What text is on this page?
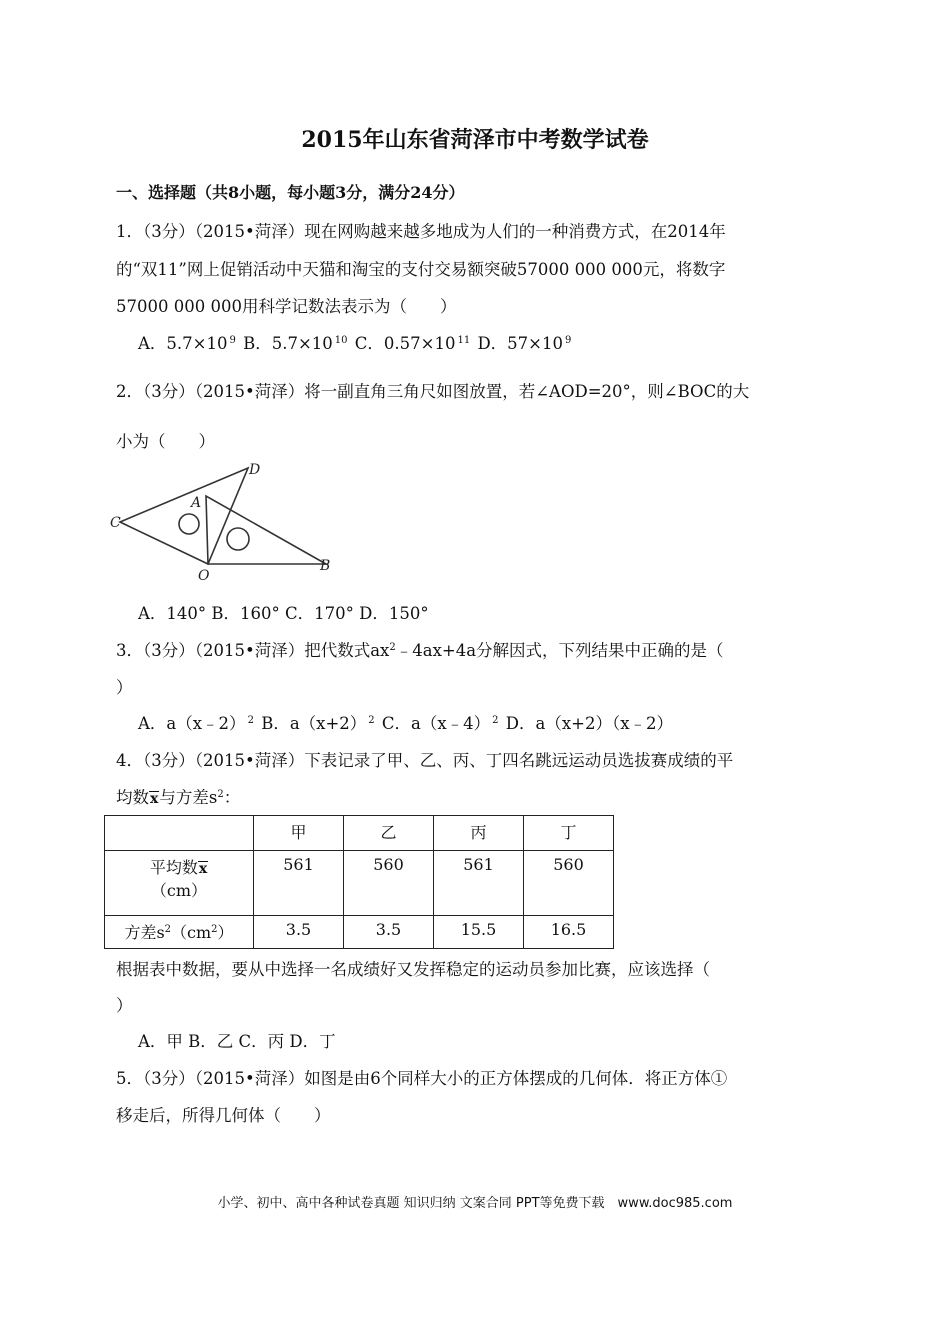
2015年山东省菏泽市中考数学试卷
一、选择题（共8小题，每小题3分，满分24分）
1．（3分）（2015•菏泽）现在网购越来越多地成为人们的一种消费方式，在2014年
的“双11”网上促销活动中天猫和淘宝的支付交易额突破57000 000 000元，将数字
57000 000 000用科学记数法表示为（　　）
A．5.7×10 $^9$ B．5.7×10 $^{10}$ C．0.57×10 $^{11}$ D．57×10 $^9$
2．（3分）（2015•菏泽）将一副直角三角尺如图放置，若∠AOD=20°，则∠BOC的大
小为（　　）
C
A
D
O
B
A．140° B．160° C．170° D．150°
3．（3分）（2015•菏泽）把代数式$ax^2﹣4ax+4a$分解因式，下列结果中正确的是（
）
A．a（x﹣2） $^2$ B．a（x+2） $^2$ C．a（x﹣4） $^2$ D．a（x+2）（x﹣2）
4．（3分）（2015•菏泽）下表记录了甲、乙、丙、丁四名跳远运动员选拔赛成绩的平
均数x与方差$s^2$：
	甲	乙	丙	丁
平均数x
（cm）	561	560	561	560
方差$s^2(cm^2)$	3.5	3.5	15.5	16.5
根据表中数据，要从中选择一名成绩好又发挥稳定的运动员参加比赛，应该选择（
）
A．甲 B．乙 C．丙 D．丁
5．（3分）（2015•菏泽）如图是由6个同样大小的正方体摆成的几何体．将正方体①
移走后，所得几何体（　　）
小学、初中、高中各种试卷真题 知识归纳 文案合同 PPT等免费下载　www.doc985.com
